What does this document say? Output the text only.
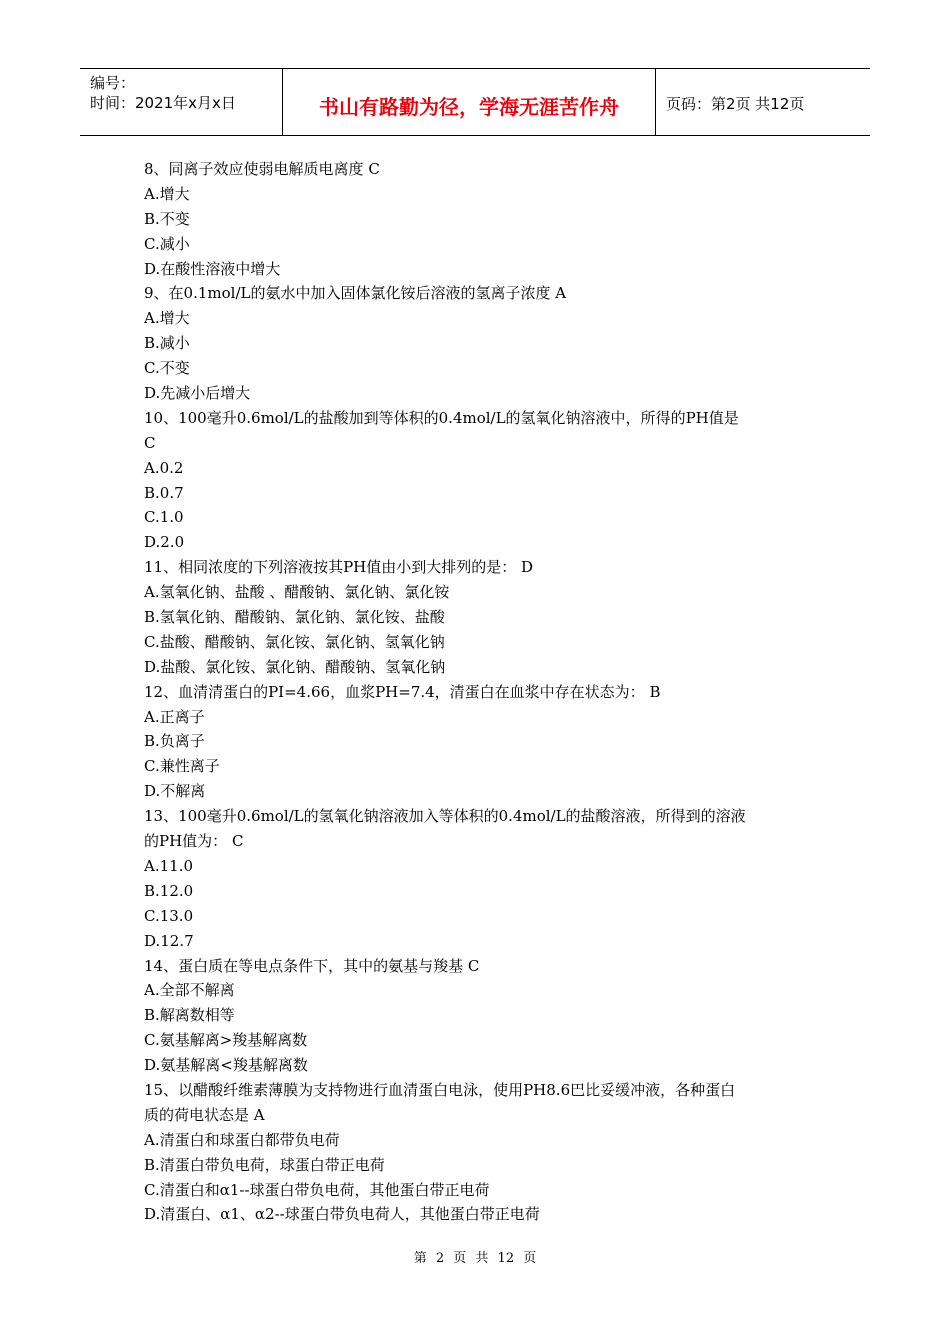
编号：
时间：2021年x月x日	书山有路勤为径，学海无涯苦作舟	页码：第2页 共12页
8、同离子效应使弱电解质电离度 C
A.增大
B.不变
C.减小
D.在酸性溶液中增大
9、在0.1mol/L的氨水中加入固体氯化铵后溶液的氢离子浓度 A
A.增大
B.减小
C.不变
D.先减小后增大
10、100毫升0.6mol/L的盐酸加到等体积的0.4mol/L的氢氧化钠溶液中，所得的PH值是
C
A.0.2
B.0.7
C.1.0
D.2.0
11、相同浓度的下列溶液按其PH值由小到大排列的是： D
A.氢氧化钠、盐酸 、醋酸钠、氯化钠、氯化铵
B.氢氧化钠、醋酸钠、氯化钠、氯化铵、盐酸
C.盐酸、醋酸钠、氯化铵、氯化钠、氢氧化钠
D.盐酸、氯化铵、氯化钠、醋酸钠、氢氧化钠
12、血清清蛋白的PI=4.66，血浆PH=7.4，清蛋白在血浆中存在状态为： B
A.正离子
B.负离子
C.兼性离子
D.不解离
13、100毫升0.6mol/L的氢氧化钠溶液加入等体积的0.4mol/L的盐酸溶液，所得到的溶液
的PH值为： C
A.11.0
B.12.0
C.13.0
D.12.7
14、蛋白质在等电点条件下，其中的氨基与羧基 C
A.全部不解离
B.解离数相等
C.氨基解离>羧基解离数
D.氨基解离<羧基解离数
15、以醋酸纤维素薄膜为支持物进行血清蛋白电泳，使用PH8.6巴比妥缓冲液，各种蛋白
质的荷电状态是 A
A.清蛋白和球蛋白都带负电荷
B.清蛋白带负电荷，球蛋白带正电荷
C.清蛋白和α1--球蛋白带负电荷，其他蛋白带正电荷
D.清蛋白、α1、α2--球蛋白带负电荷人，其他蛋白带正电荷
第 2 页 共 12 页
